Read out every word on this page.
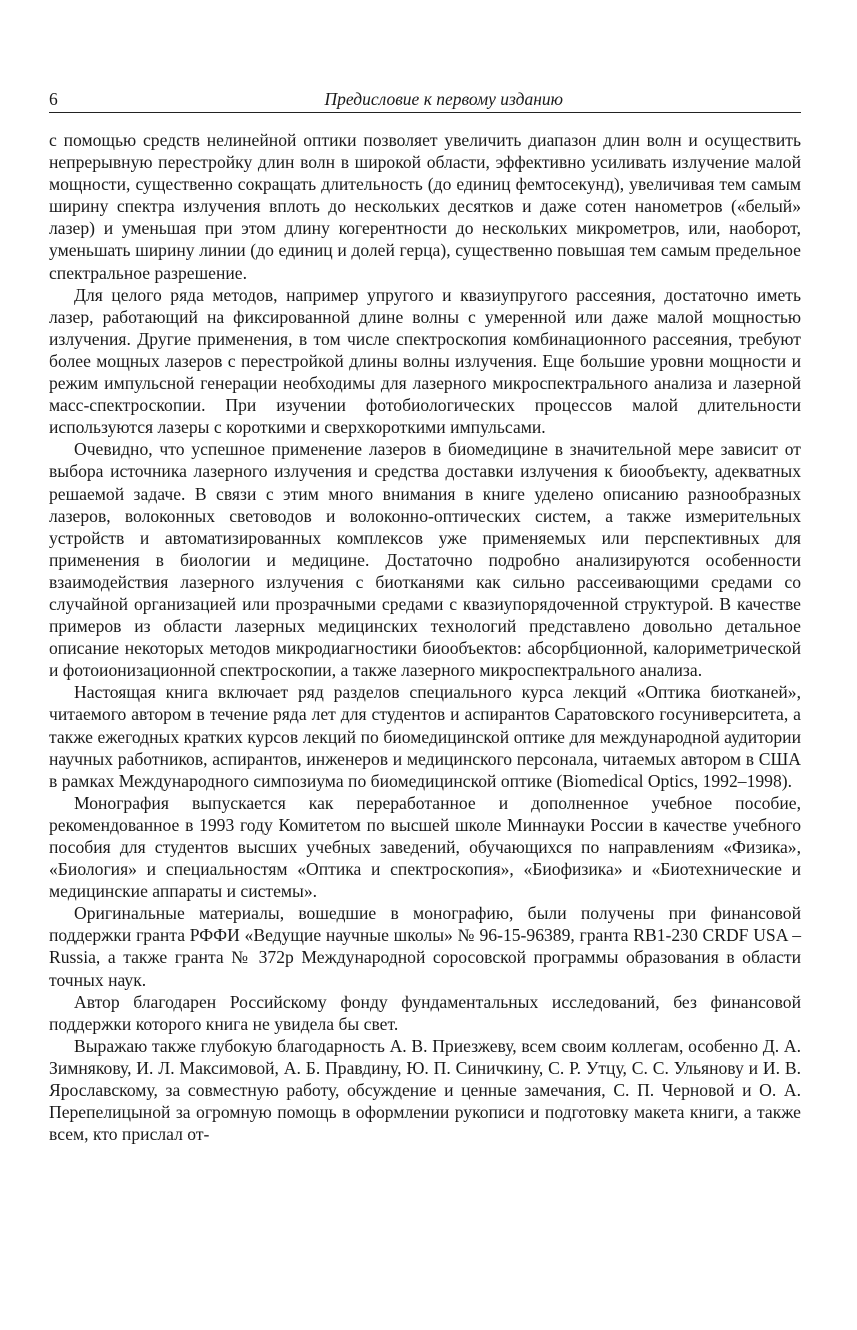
6	Предисловие к первому изданию

с помощью средств нелинейной оптики позволяет увеличить диапазон длин волн и осуществить непрерывную перестройку длин волн в широкой области, эффективно усиливать излучение малой мощности, существенно сокращать длительность (до единиц фемтосекунд), увеличивая тем самым ширину спектра излучения вплоть до нескольких десятков и даже сотен нанометров («белый» лазер) и уменьшая при этом длину когерентности до нескольких микрометров, или, наоборот, уменьшать ширину линии (до единиц и долей герца), существенно повышая тем самым предельное спектральное разрешение.

Для целого ряда методов, например упругого и квазиупругого рассеяния, достаточно иметь лазер, работающий на фиксированной длине волны с умеренной или даже малой мощностью излучения. Другие применения, в том числе спектроскопия комбинационного рассеяния, требуют более мощных лазеров с перестройкой длины волны излучения. Еще большие уровни мощности и режим импульсной генерации необходимы для лазерного микроспектрального анализа и лазерной масс-спектроскопии. При изучении фотобиологических процессов малой длительности используются лазеры с короткими и сверхкороткими импульсами.

Очевидно, что успешное применение лазеров в биомедицине в значительной мере зависит от выбора источника лазерного излучения и средства доставки излучения к биообъекту, адекватных решаемой задаче. В связи с этим много внимания в книге уделено описанию разнообразных лазеров, волоконных световодов и волоконно-оптических систем, а также измерительных устройств и автоматизированных комплексов уже применяемых или перспективных для применения в биологии и медицине. Достаточно подробно анализируются особенности взаимодействия лазерного излучения с биотканями как сильно рассеивающими средами со случайной организацией или прозрачными средами с квазиупорядоченной структурой. В качестве примеров из области лазерных медицинских технологий представлено довольно детальное описание некоторых методов микродиагностики биообъектов: абсорбционной, калориметрической и фотоионизационной спектроскопии, а также лазерного микроспектрального анализа.

Настоящая книга включает ряд разделов специального курса лекций «Оптика биотканей», читаемого автором в течение ряда лет для студентов и аспирантов Саратовского госуниверситета, а также ежегодных кратких курсов лекций по биомедицинской оптике для международной аудитории научных работников, аспирантов, инженеров и медицинского персонала, читаемых автором в США в рамках Международного симпозиума по биомедицинской оптике (Biomedical Optics, 1992–1998).

Монография выпускается как переработанное и дополненное учебное пособие, рекомендованное в 1993 году Комитетом по высшей школе Миннауки России в качестве учебного пособия для студентов высших учебных заведений, обучающихся по направлениям «Физика», «Биология» и специальностям «Оптика и спектроскопия», «Биофизика» и «Биотехнические и медицинские аппараты и системы».

Оригинальные материалы, вошедшие в монографию, были получены при финансовой поддержки гранта РФФИ «Ведущие научные школы» № 96-15-96389, гранта RB1-230 CRDF USA – Russia, а также гранта № 372р Международной соросовской программы образования в области точных наук.

Автор благодарен Российскому фонду фундаментальных исследований, без финансовой поддержки которого книга не увидела бы свет.

Выражаю также глубокую благодарность А. В. Приезжеву, всем своим коллегам, особенно Д. А. Зимнякову, И. Л. Максимовой, А. Б. Правдину, Ю. П. Синичкину, С. Р. Утцу, С. С. Ульянову и И. В. Ярославскому, за совместную работу, обсуждение и ценные замечания, С. П. Черновой и О. А. Перепелицыной за огромную помощь в оформлении рукописи и подготовку макета книги, а также всем, кто прислал от-
